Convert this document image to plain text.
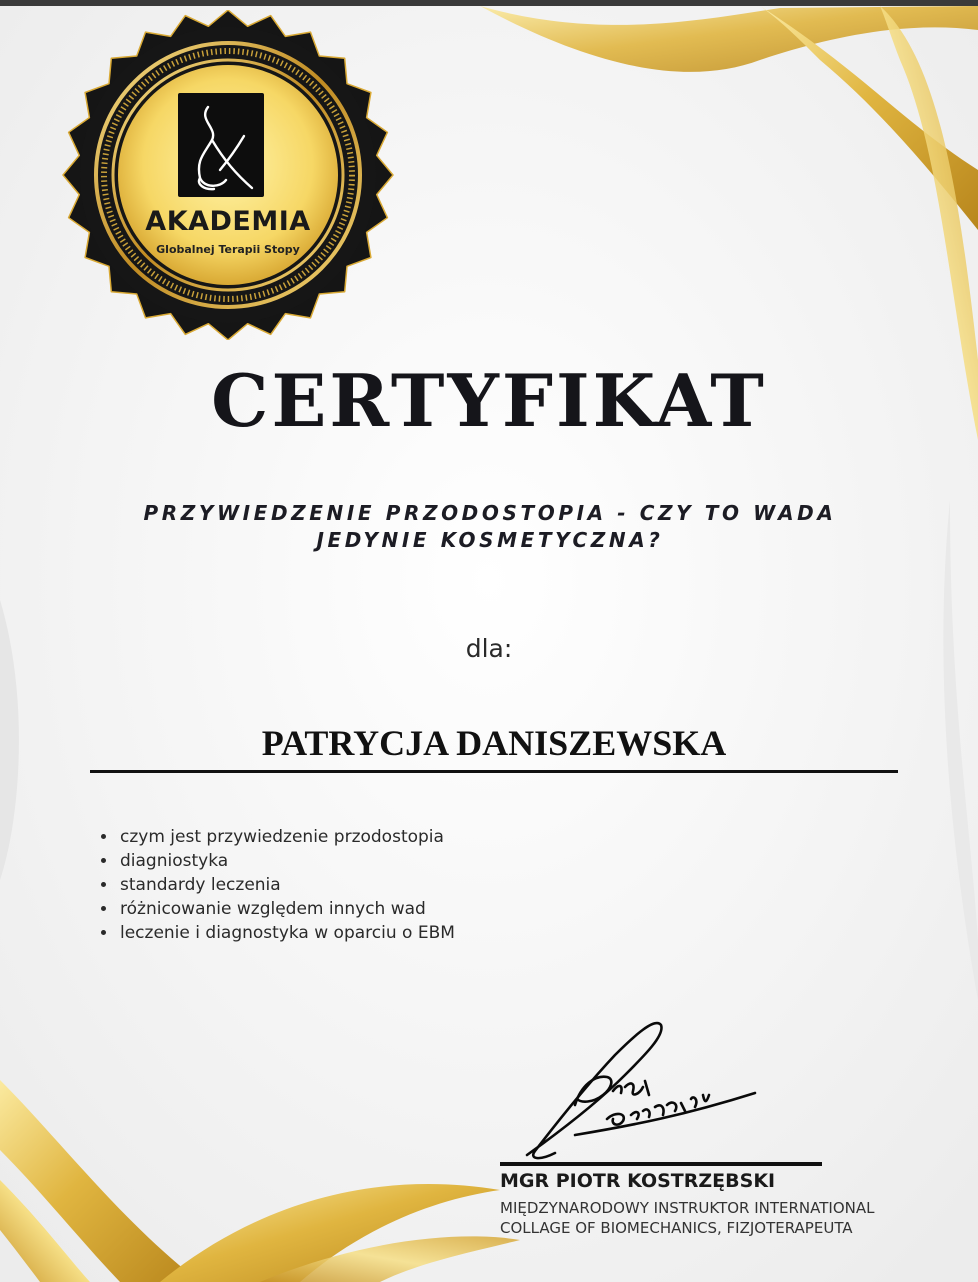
AKADEMIA
Globalnej Terapii Stopy
CERTYFIKAT
PRZYWIEDZENIE PRZODOSTOPIA - CZY TO WADA
JEDYNIE KOSMETYCZNA?
dla:
PATRYCJA DANISZEWSKA
• czym jest przywiedzenie przodostopia
• diagniostyka
• standardy leczenia
• różnicowanie względem innych wad
• leczenie i diagnostyka w oparciu o EBM
MGR PIOTR KOSTRZĘBSKI
MIĘDZYNARODOWY INSTRUKTOR INTERNATIONAL
COLLAGE OF BIOMECHANICS, FIZJOTERAPEUTA
